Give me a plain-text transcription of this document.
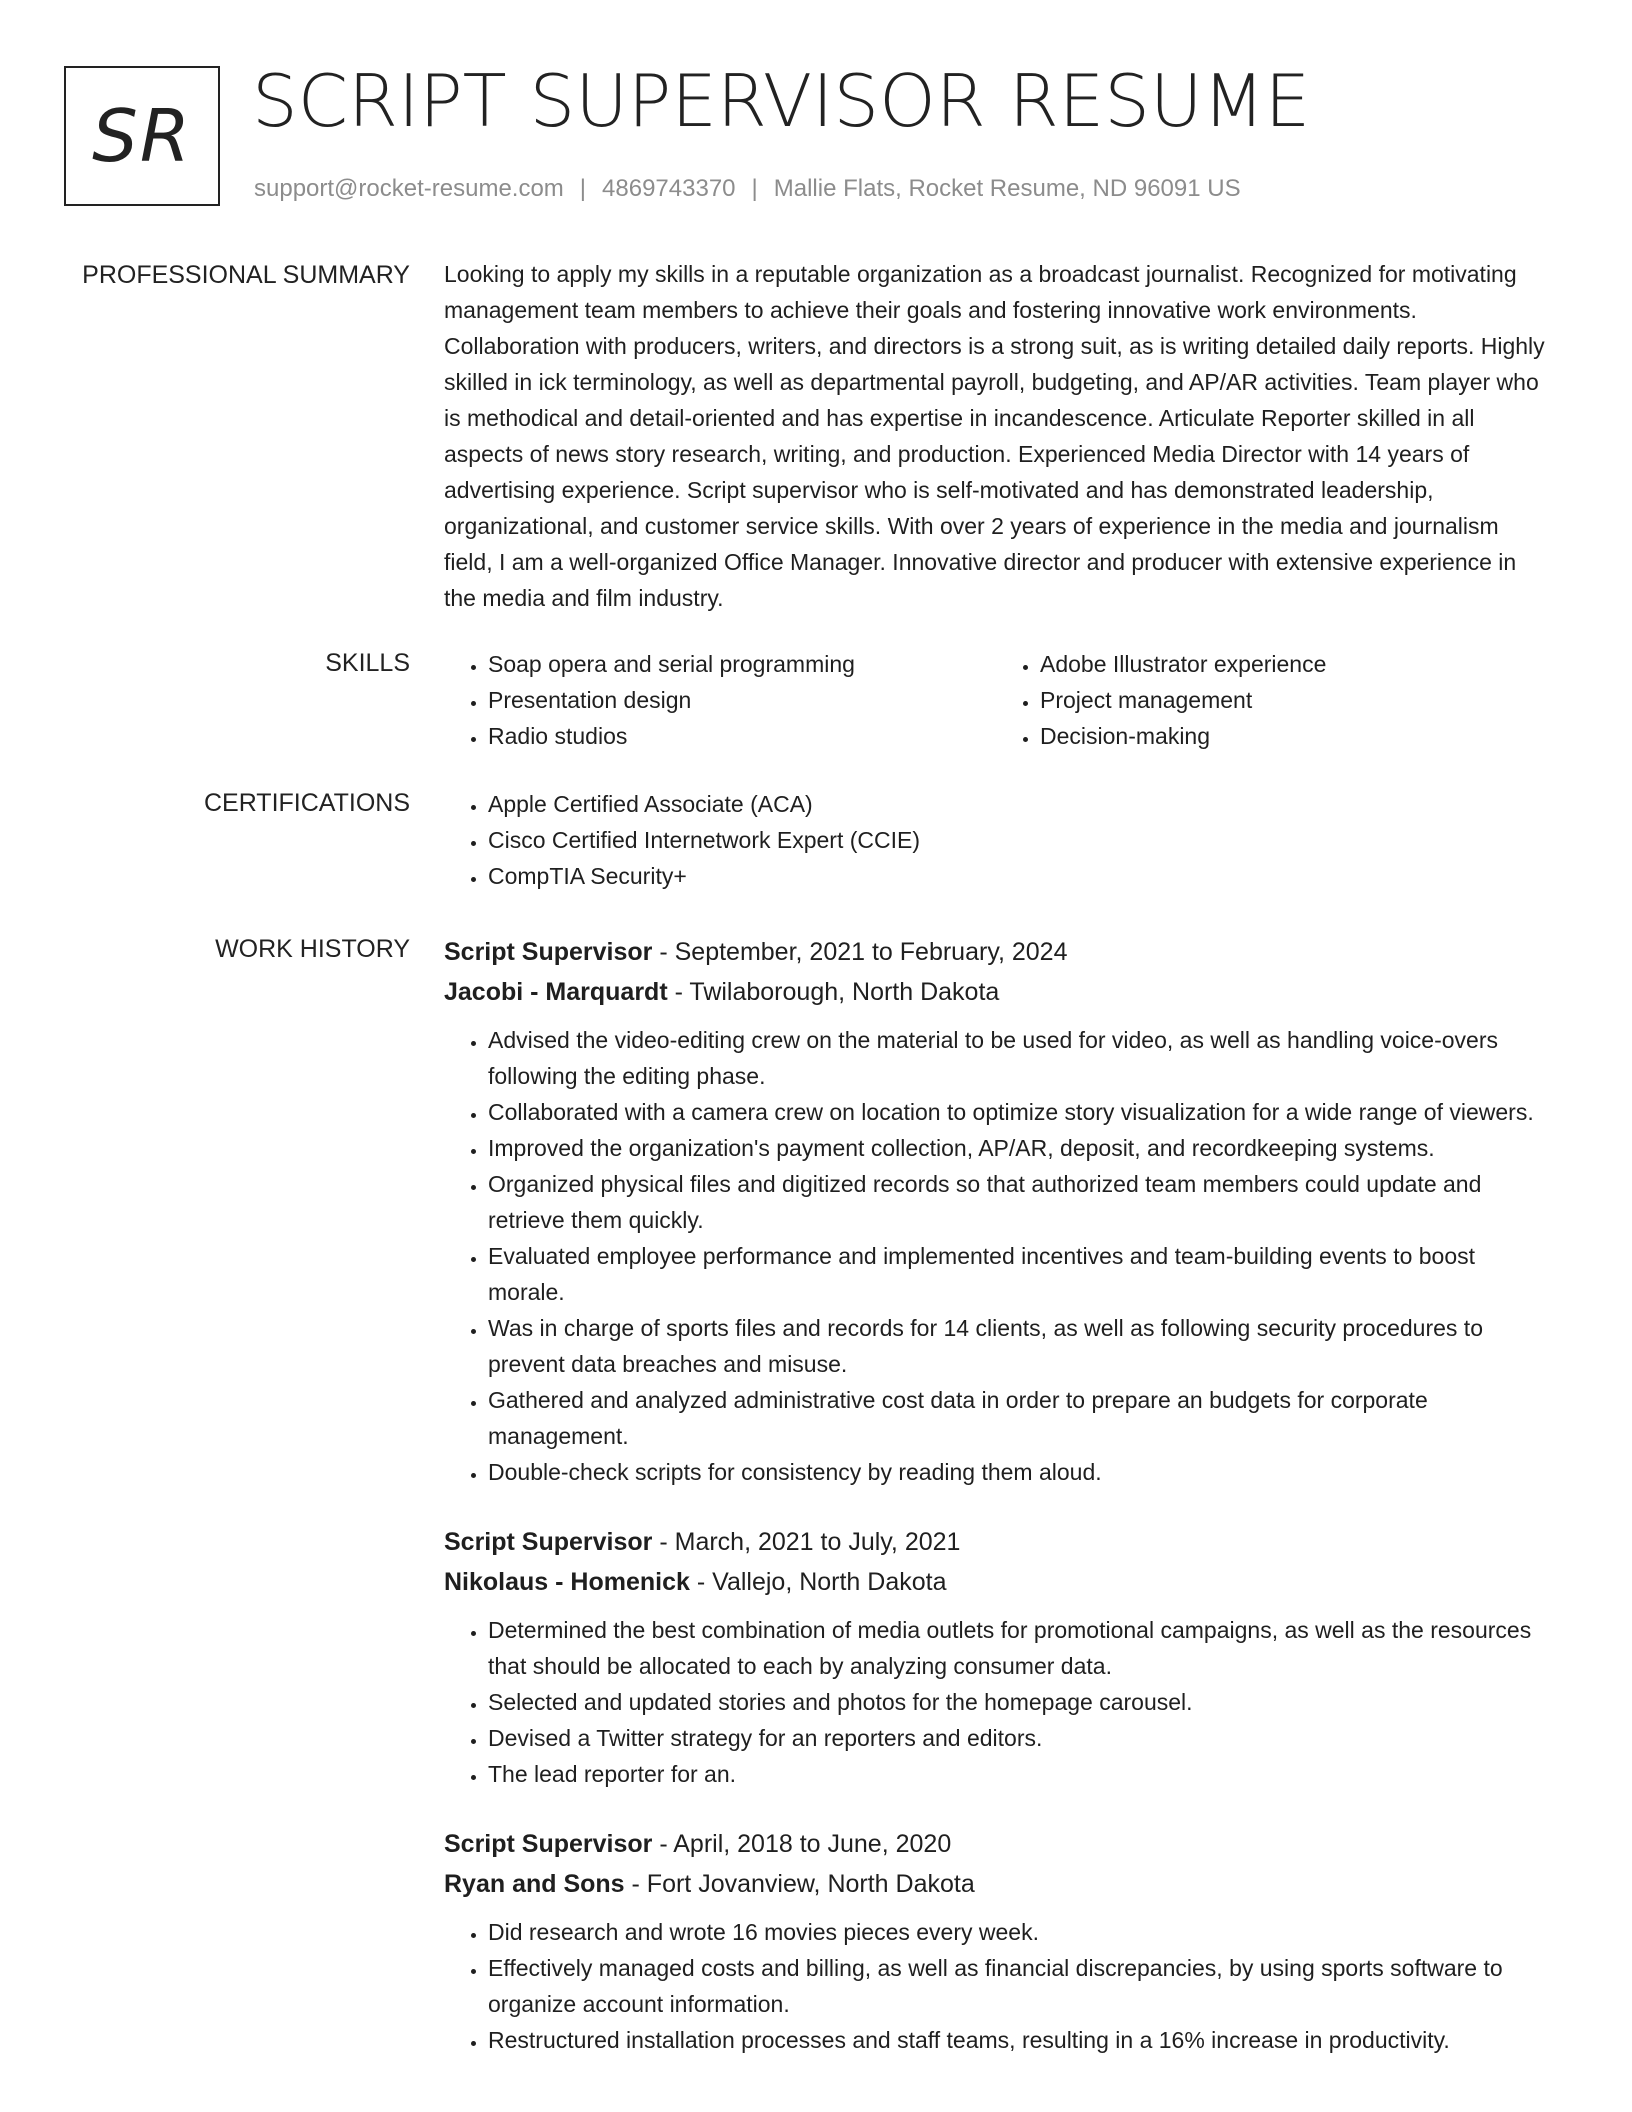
SR SCRIPT SUPERVISOR RESUME
support@rocket-resume.com | 4869743370 | Mallie Flats, Rocket Resume, ND 96091 US
PROFESSIONAL SUMMARY Looking to apply my skills in a reputable organization as a broadcast journalist. Recognized for motivating management team members to achieve their goals and fostering innovative work environments. Collaboration with producers, writers, and directors is a strong suit, as is writing detailed daily reports. Highly skilled in ick terminology, as well as departmental payroll, budgeting, and AP/AR activities. Team player who is methodical and detail-oriented and has expertise in incandescence. Articulate Reporter skilled in all aspects of news story research, writing, and production. Experienced Media Director with 14 years of advertising experience. Script supervisor who is self-motivated and has demonstrated leadership, organizational, and customer service skills. With over 2 years of experience in the media and journalism field, I am a well-organized Office Manager. Innovative director and producer with extensive experience in the media and film industry.

SKILLS	• Soap opera and serial programming
• Presentation design
• Radio studios
• Adobe Illustrator experience
• Project management
• Decision-making
CERTIFICATIONS	• Apple Certified Associate (ACA)
• Cisco Certified Internetwork Expert (CCIE)
• CompTIA Security+
WORK HISTORY Script Supervisor - September, 2021 to February, 2024
Jacobi - Marquardt - Twilaborough, North Dakota
• Advised the video-editing crew on the material to be used for video, as well as handling voice-overs following the editing phase.
• Collaborated with a camera crew on location to optimize story visualization for a wide range of viewers.
• Improved the organization's payment collection, AP/AR, deposit, and recordkeeping systems.
• Organized physical files and digitized records so that authorized team members could update and retrieve them quickly.
• Evaluated employee performance and implemented incentives and team-building events to boost morale.
• Was in charge of sports files and records for 14 clients, as well as following security procedures to prevent data breaches and misuse.
• Gathered and analyzed administrative cost data in order to prepare an budgets for corporate management.
• Double-check scripts for consistency by reading them aloud.
Script Supervisor - March, 2021 to July, 2021
Nikolaus - Homenick - Vallejo, North Dakota
• Determined the best combination of media outlets for promotional campaigns, as well as the resources that should be allocated to each by analyzing consumer data.
• Selected and updated stories and photos for the homepage carousel.
• Devised a Twitter strategy for an reporters and editors.
• The lead reporter for an.
Script Supervisor - April, 2018 to June, 2020
Ryan and Sons - Fort Jovanview, North Dakota
• Did research and wrote 16 movies pieces every week.
• Effectively managed costs and billing, as well as financial discrepancies, by using sports software to organize account information.
• Restructured installation processes and staff teams, resulting in a 16% increase in productivity.
